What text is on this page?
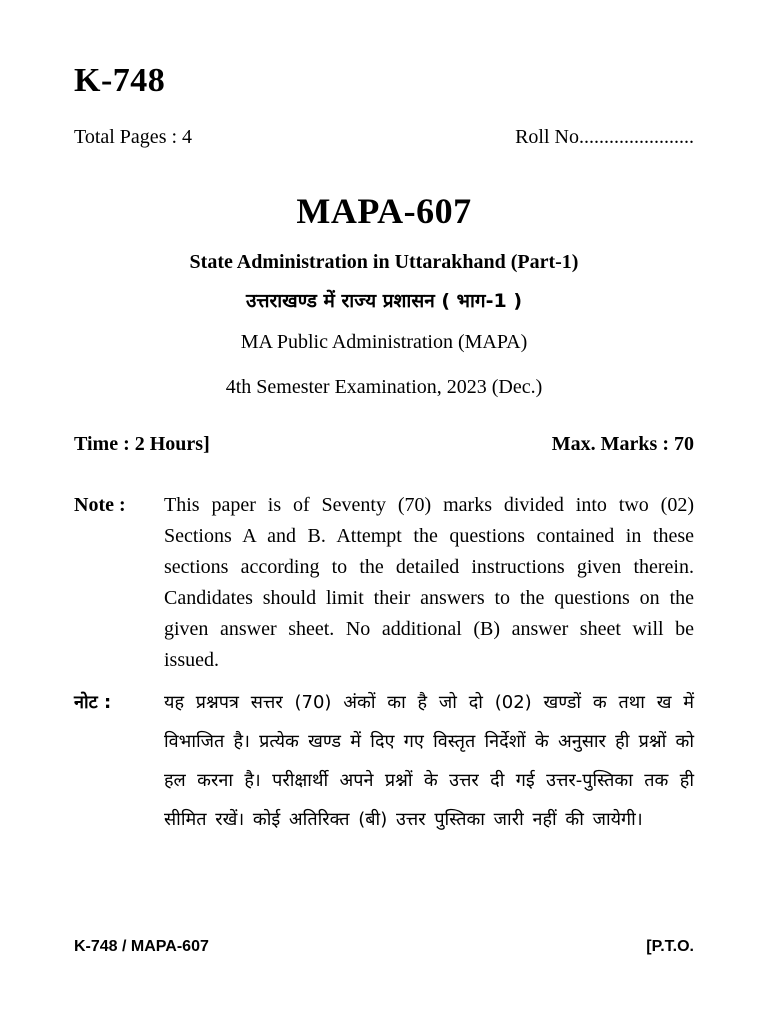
K-748
Total Pages : 4	Roll No. ......................
MAPA-607
State Administration in Uttarakhand (Part-1)
उत्तराखण्ड में राज्य प्रशासन ( भाग-1 )
MA Public Administration (MAPA)
4th Semester Examination, 2023 (Dec.)
Time : 2 Hours]	Max. Marks : 70
Note :	This paper is of Seventy (70) marks divided into two (02) Sections A and B. Attempt the questions contained in these sections according to the detailed instructions given therein. Candidates should limit their answers to the questions on the given answer sheet. No additional (B) answer sheet will be issued.
नोट :	यह प्रश्नपत्र सत्तर (70) अंकों का है जो दो (02) खण्डों क तथा ख में विभाजित है। प्रत्येक खण्ड में दिए गए विस्तृत निर्देशों के अनुसार ही प्रश्नों को हल करना है। परीक्षार्थी अपने प्रश्नों के उत्तर दी गई उत्तर-पुस्तिका तक ही सीमित रखें। कोई अतिरिक्त (बी) उत्तर पुस्तिका जारी नहीं की जायेगी।
K-748 / MAPA-607	[P.T.O.
